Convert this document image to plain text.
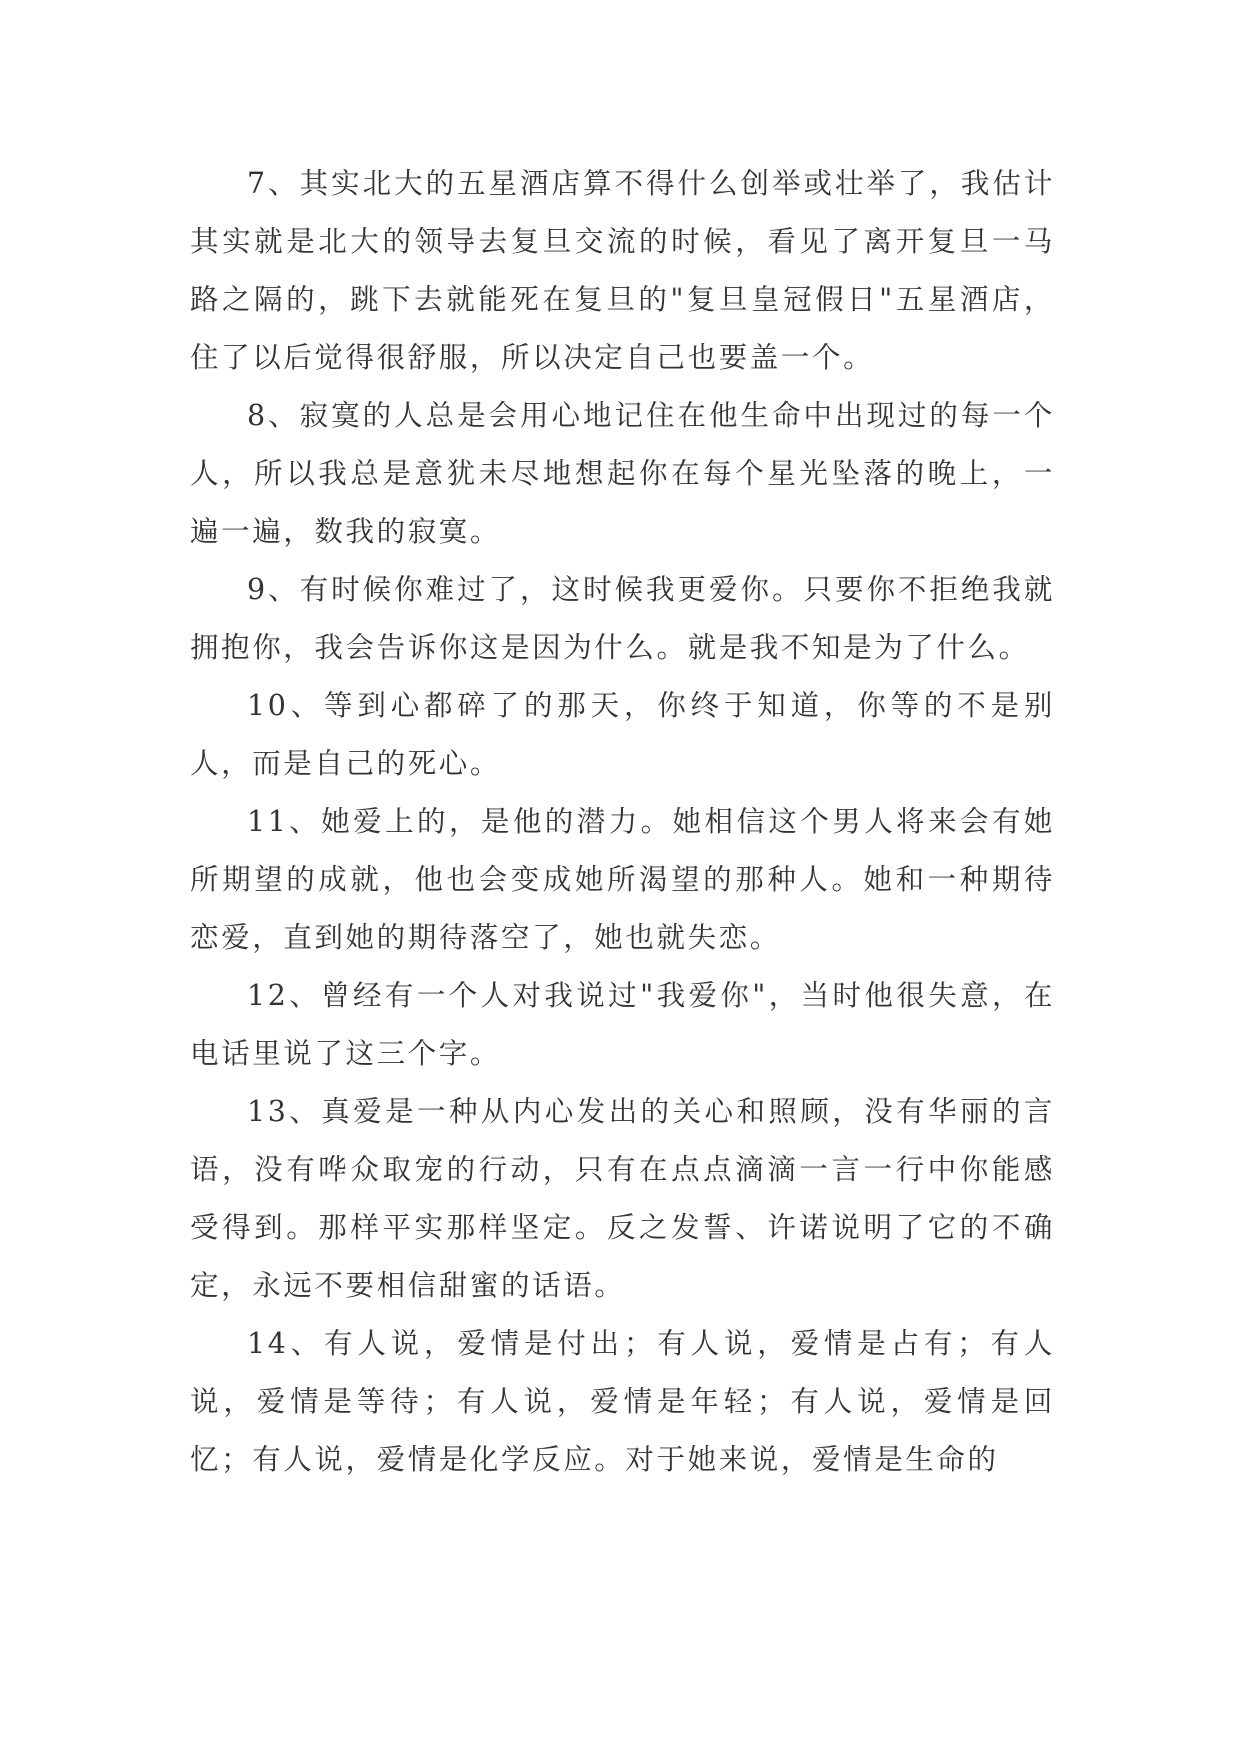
7、其实北大的五星酒店算不得什么创举或壮举了，我估计其实就是北大的领导去复旦交流的时候，看见了离开复旦一马路之隔的，跳下去就能死在复旦的"复旦皇冠假日"五星酒店，住了以后觉得很舒服，所以决定自己也要盖一个。

8、寂寞的人总是会用心地记住在他生命中出现过的每一个人，所以我总是意犹未尽地想起你在每个星光坠落的晚上，一遍一遍，数我的寂寞。

9、有时候你难过了，这时候我更爱你。只要你不拒绝我就拥抱你，我会告诉你这是因为什么。就是我不知是为了什么。

10、等到心都碎了的那天，你终于知道，你等的不是别人，而是自己的死心。

11、她爱上的，是他的潜力。她相信这个男人将来会有她所期望的成就，他也会变成她所渴望的那种人。她和一种期待恋爱，直到她的期待落空了，她也就失恋。

12、曾经有一个人对我说过"我爱你"，当时他很失意，在电话里说了这三个字。

13、真爱是一种从内心发出的关心和照顾，没有华丽的言语，没有哗众取宠的行动，只有在点点滴滴一言一行中你能感受得到。那样平实那样坚定。反之发誓、许诺说明了它的不确定，永远不要相信甜蜜的话语。

14、有人说，爱情是付出；有人说，爱情是占有；有人说，爱情是等待；有人说，爱情是年轻；有人说，爱情是回忆；有人说，爱情是化学反应。对于她来说，爱情是生命的
